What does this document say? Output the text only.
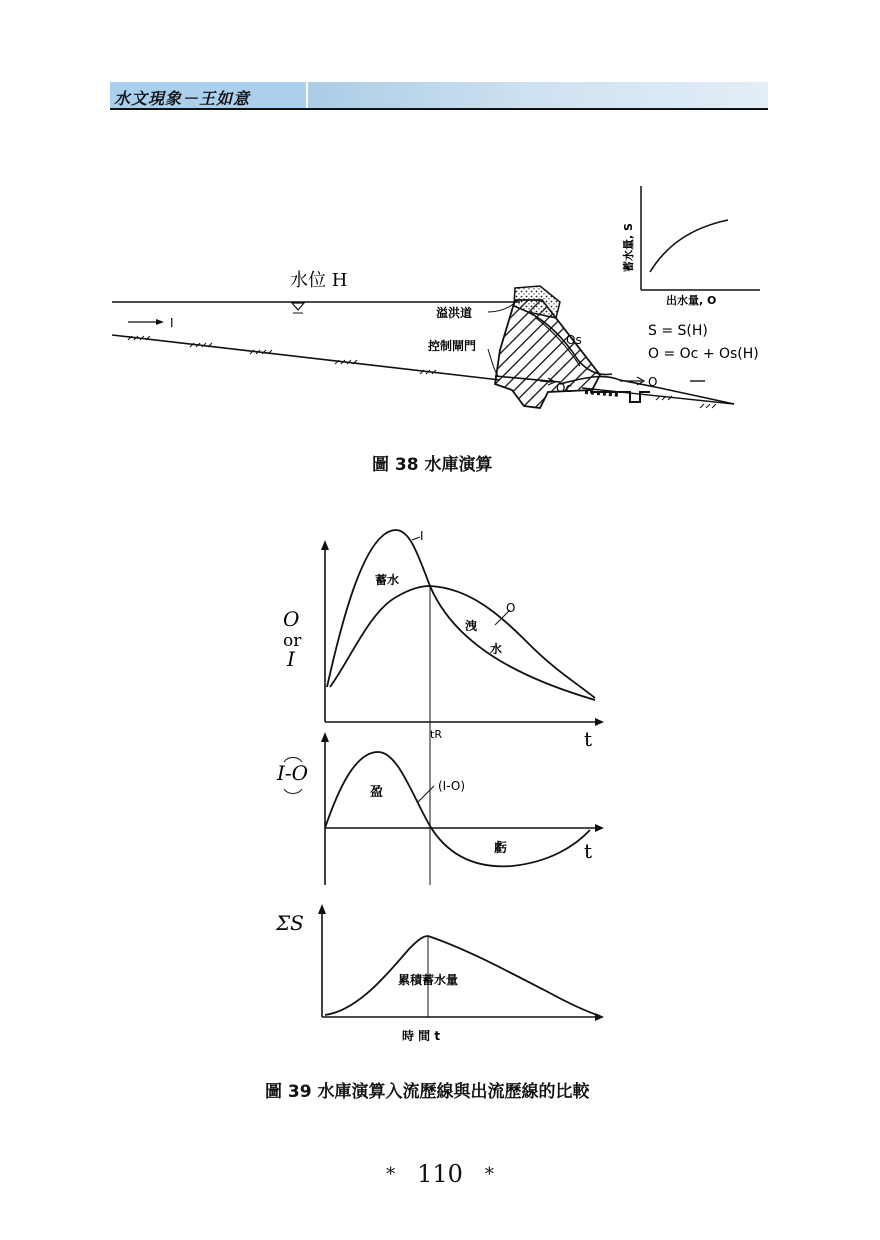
水文現象－王如意
水位 H
I
溢洪道
控制閘門	Os
Oc	O
蓄水量, S
出水量, O
S = S(H)
O = Oc + Os(H)
圖 38 水庫演算
O
or
I
I
O
蓄水
洩
水
tR	t
I-O
(I-O)
盈
虧	t
ΣS
累積蓄水量
時 間 t
圖 39 水庫演算入流歷線與出流歷線的比較
* 110 *
